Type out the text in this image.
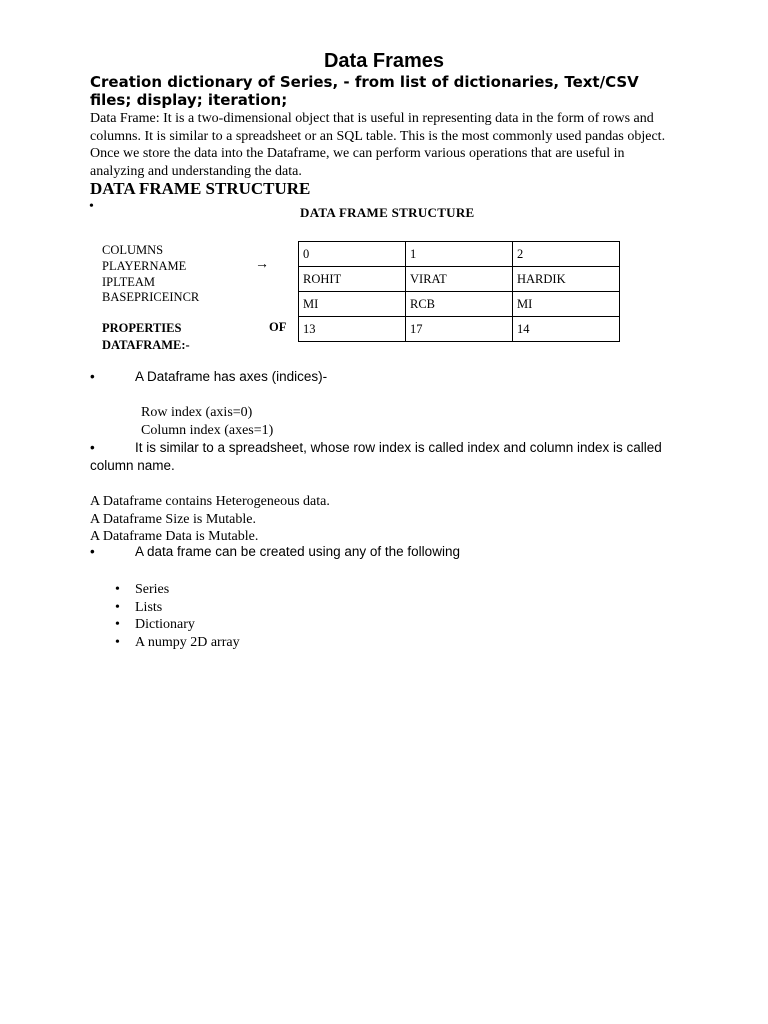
Data Frames
Creation dictionary of Series, - from list of dictionaries, Text/CSV files; display; iteration;
Data Frame: It is a two-dimensional object that is useful in representing data in the form of rows and columns. It is similar to a spreadsheet or an SQL table. This is the most commonly used pandas object. Once we store the data into the Dataframe, we can perform various operations that are useful in analyzing and understanding the data.
DATA FRAME STRUCTURE
•	DATA FRAME STRUCTURE
COLUMNS
PLAYERNAME
IPLTEAM
BASEPRICEINCR
→
PROPERTIES
DATAFRAME:-
OF
0	1	2
ROHIT	VIRAT	HARDIK
MI	RCB	MI
13	17	14
•	A Dataframe has axes (indices)-
Row index (axis=0)
Column index (axes=1)
•	It is similar to a spreadsheet, whose row index is called index and column index is called column name.
A Dataframe contains Heterogeneous data.
A Dataframe Size is Mutable.
A Dataframe Data is Mutable.
•	A data frame can be created using any of the following
• Series
• Lists
• Dictionary
• A numpy 2D array
